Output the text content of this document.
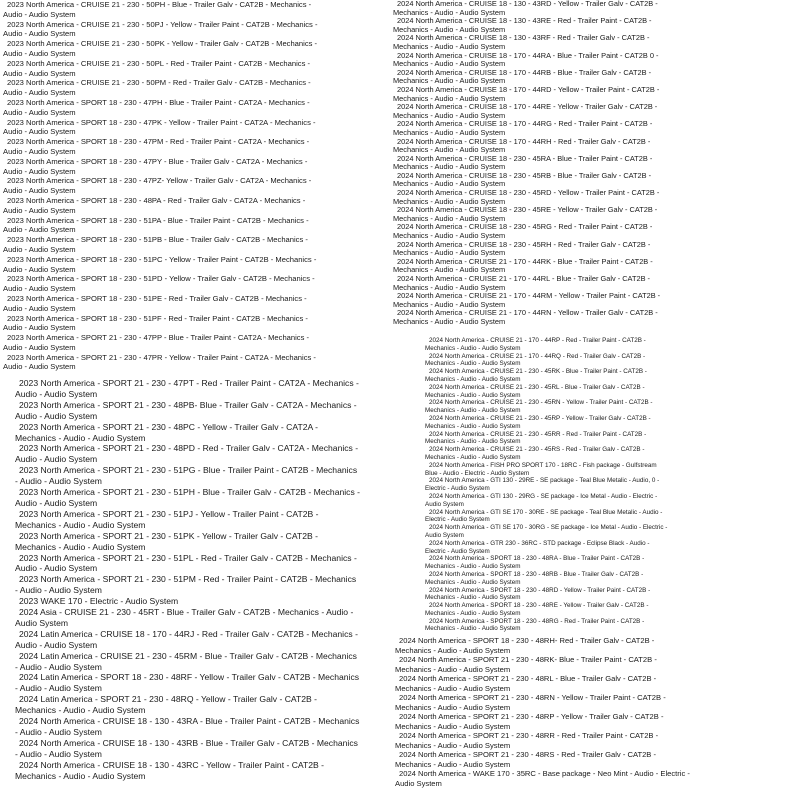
2023 North America - CRUISE 21 - 230 - 50PH - Blue - Trailer Galv - CAT2B - Mechanics - Audio - Audio System
2023 North America - CRUISE 21 - 230 - 50PJ - Yellow - Trailer Paint - CAT2B - Mechanics - Audio - Audio System
2023 North America - CRUISE 21 - 230 - 50PK - Yellow - Trailer Galv - CAT2B - Mechanics - Audio - Audio System
2023 North America - CRUISE 21 - 230 - 50PL - Red - Trailer Paint - CAT2B - Mechanics - Audio - Audio System
2023 North America - CRUISE 21 - 230 - 50PM - Red - Trailer Galv - CAT2B - Mechanics - Audio - Audio System
2023 North America - SPORT 18 - 230 - 47PH - Blue - Trailer Paint - CAT2A - Mechanics - Audio - Audio System
2023 North America - SPORT 18 - 230 - 47PK - Yellow - Trailer Paint - CAT2A - Mechanics - Audio - Audio System
2023 North America - SPORT 18 - 230 - 47PM - Red - Trailer Paint - CAT2A - Mechanics - Audio - Audio System
2023 North America - SPORT 18 - 230 - 47PY - Blue - Trailer Galv - CAT2A - Mechanics - Audio - Audio System
2023 North America - SPORT 18 - 230 - 47PZ- Yellow - Trailer Galv - CAT2A - Mechanics - Audio - Audio System
2023 North America - SPORT 18 - 230 - 48PA - Red - Trailer Galv - CAT2A - Mechanics - Audio - Audio System
2023 North America - SPORT 18 - 230 - 51PA - Blue - Trailer Paint - CAT2B - Mechanics - Audio - Audio System
2023 North America - SPORT 18 - 230 - 51PB - Blue - Trailer Galv - CAT2B - Mechanics - Audio - Audio System
2023 North America - SPORT 18 - 230 - 51PC - Yellow - Trailer Paint - CAT2B - Mechanics - Audio - Audio System
2023 North America - SPORT 18 - 230 - 51PD - Yellow - Trailer Galv - CAT2B - Mechanics - Audio - Audio System
2023 North America - SPORT 18 - 230 - 51PE - Red - Trailer Galv - CAT2B - Mechanics - Audio - Audio System
2023 North America - SPORT 18 - 230 - 51PF - Red - Trailer Paint - CAT2B - Mechanics - Audio - Audio System
2023 North America - SPORT 21 - 230 - 47PP - Blue - Trailer Paint - CAT2A - Mechanics - Audio - Audio System
2023 North America - SPORT 21 - 230 - 47PR - Yellow - Trailer Paint - CAT2A - Mechanics - Audio - Audio System
2023 North America - SPORT 21 - 230 - 47PT - Red - Trailer Paint - CAT2A - Mechanics - Audio - Audio System
2023 North America - SPORT 21 - 230 - 48PB- Blue - Trailer Galv - CAT2A - Mechanics - Audio - Audio System
2023 North America - SPORT 21 - 230 - 48PC - Yellow - Trailer Galv - CAT2A - Mechanics - Audio - Audio System
2023 North America - SPORT 21 - 230 - 48PD - Red - Trailer Galv - CAT2A - Mechanics - Audio - Audio System
2023 North America - SPORT 21 - 230 - 51PG - Blue - Trailer Paint - CAT2B - Mechanics - Audio - Audio System
2023 North America - SPORT 21 - 230 - 51PH - Blue - Trailer Galv - CAT2B - Mechanics - Audio - Audio System
2023 North America - SPORT 21 - 230 - 51PJ - Yellow - Trailer Paint - CAT2B - Mechanics - Audio - Audio System
2023 North America - SPORT 21 - 230 - 51PK - Yellow - Trailer Galv - CAT2B - Mechanics - Audio - Audio System
2023 North America - SPORT 21 - 230 - 51PL - Red - Trailer Galv - CAT2B - Mechanics - Audio - Audio System
2023 North America - SPORT 21 - 230 - 51PM - Red - Trailer Paint - CAT2B - Mechanics - Audio - Audio System
2023 WAKE 170 - Electric - Audio System
2024 Asia - CRUISE 21 - 230 - 45RT - Blue - Trailer Galv - CAT2B - Mechanics - Audio - Audio System
2024 Latin America - CRUISE 18 - 170 - 44RJ - Red - Trailer Galv - CAT2B - Mechanics - Audio - Audio System
2024 Latin America - CRUISE 21 - 230 - 45RM - Blue - Trailer Galv - CAT2B - Mechanics - Audio - Audio System
2024 Latin America - SPORT 18 - 230 - 48RF - Yellow - Trailer Galv - CAT2B - Mechanics - Audio - Audio System
2024 Latin America - SPORT 21 - 230 - 48RQ - Yellow - Trailer Galv - CAT2B - Mechanics - Audio - Audio System
2024 North America - CRUISE 18 - 130 - 43RA - Blue - Trailer Paint - CAT2B - Mechanics - Audio - Audio System
2024 North America - CRUISE 18 - 130 - 43RB - Blue - Trailer Galv - CAT2B - Mechanics - Audio - Audio System
2024 North America - CRUISE 18 - 130 - 43RC - Yellow - Trailer Paint - CAT2B - Mechanics - Audio - Audio System
2024 North America - CRUISE 18 - 130 - 43RD - Yellow - Trailer Galv - CAT2B - Mechanics - Audio - Audio System
2024 North America - CRUISE 18 - 130 - 43RE - Red - Trailer Paint - CAT2B - Mechanics - Audio - Audio System
2024 North America - CRUISE 18 - 130 - 43RF - Red - Trailer Galv - CAT2B - Mechanics - Audio - Audio System
2024 North America - CRUISE 18 - 170 - 44RA - Blue - Trailer Paint - CAT2B 0 - Mechanics - Audio - Audio System
2024 North America - CRUISE 18 - 170 - 44RB - Blue - Trailer Galv - CAT2B - Mechanics - Audio - Audio System
2024 North America - CRUISE 18 - 170 - 44RD - Yellow - Trailer Paint - CAT2B - Mechanics - Audio - Audio System
2024 North America - CRUISE 18 - 170 - 44RE - Yellow - Trailer Galv - CAT2B - Mechanics - Audio - Audio System
2024 North America - CRUISE 18 - 170 - 44RG - Red - Trailer Paint - CAT2B - Mechanics - Audio - Audio System
2024 North America - CRUISE 18 - 170 - 44RH - Red - Trailer Galv - CAT2B - Mechanics - Audio - Audio System
2024 North America - CRUISE 18 - 230 - 45RA - Blue - Trailer Paint - CAT2B - Mechanics - Audio - Audio System
2024 North America - CRUISE 18 - 230 - 45RB - Blue - Trailer Galv - CAT2B - Mechanics - Audio - Audio System
2024 North America - CRUISE 18 - 230 - 45RD - Yellow - Trailer Paint - CAT2B - Mechanics - Audio - Audio System
2024 North America - CRUISE 18 - 230 - 45RE - Yellow - Trailer Galv - CAT2B - Mechanics - Audio - Audio System
2024 North America - CRUISE 18 - 230 - 45RG - Red - Trailer Paint - CAT2B - Mechanics - Audio - Audio System
2024 North America - CRUISE 18 - 230 - 45RH - Red - Trailer Galv - CAT2B - Mechanics - Audio - Audio System
2024 North America - CRUISE 21 - 170 - 44RK - Blue - Trailer Paint - CAT2B - Mechanics - Audio - Audio System
2024 North America - CRUISE 21 - 170 - 44RL - Blue - Trailer Galv - CAT2B - Mechanics - Audio - Audio System
2024 North America - CRUISE 21 - 170 - 44RM - Yellow - Trailer Paint - CAT2B - Mechanics - Audio - Audio System
2024 North America - CRUISE 21 - 170 - 44RN - Yellow - Trailer Galv - CAT2B - Mechanics - Audio - Audio System
2024 North America - CRUISE 21 - 170 - 44RP - Red - Trailer Paint - CAT2B - Mechanics - Audio - Audio System
2024 North America - CRUISE 21 - 170 - 44RQ - Red - Trailer Galv - CAT2B - Mechanics - Audio - Audio System
2024 North America - CRUISE 21 - 230 - 45RK - Blue - Trailer Paint - CAT2B - Mechanics - Audio - Audio System
2024 North America - CRUISE 21 - 230 - 45RL - Blue - Trailer Galv - CAT2B - Mechanics - Audio - Audio System
2024 North America - CRUISE 21 - 230 - 45RN - Yellow - Trailer Paint - CAT2B - Mechanics - Audio - Audio System
2024 North America - CRUISE 21 - 230 - 45RP - Yellow - Trailer Galv - CAT2B - Mechanics - Audio - Audio System
2024 North America - CRUISE 21 - 230 - 45RR - Red - Trailer Paint - CAT2B - Mechanics - Audio - Audio System
2024 North America - CRUISE 21 - 230 - 45RS - Red - Trailer Galv - CAT2B - Mechanics - Audio - Audio System
2024 North America - FISH PRO SPORT 170 - 18RC - Fish package - Gulfstream Blue - Audio - Electric - Audio System
2024 North America - GTI 130 - 29RE - SE package - Teal Blue Metalic - Audio, 0 - Electric - Audio System
2024 North America - GTI 130 - 29RG - SE package - Ice Metal - Audio - Electric - Audio System
2024 North America - GTI SE 170 - 30RE - SE package - Teal Blue Metalic - Audio - Electric - Audio System
2024 North America - GTI SE 170 - 30RG - SE package - Ice Metal - Audio - Electric - Audio System
2024 North America - GTR 230 - 36RC - STD package - Eclipse Black - Audio - Electric - Audio System
2024 North America - SPORT 18 - 230 - 48RA - Blue - Trailer Paint - CAT2B - Mechanics - Audio - Audio System
2024 North America - SPORT 18 - 230 - 48RB - Blue - Trailer Galv - CAT2B - Mechanics - Audio - Audio System
2024 North America - SPORT 18 - 230 - 48RD - Yellow - Trailer Paint - CAT2B - Mechanics - Audio - Audio System
2024 North America - SPORT 18 - 230 - 48RE - Yellow - Trailer Galv - CAT2B - Mechanics - Audio - Audio System
2024 North America - SPORT 18 - 230 - 48RG - Red - Trailer Paint - CAT2B - Mechanics - Audio - Audio System
2024 North America - SPORT 18 - 230 - 48RH- Red - Trailer Galv - CAT2B - Mechanics - Audio - Audio System
2024 North America - SPORT 21 - 230 - 48RK- Blue - Trailer Paint - CAT2B - Mechanics - Audio - Audio System
2024 North America - SPORT 21 - 230 - 48RL - Blue - Trailer Galv - CAT2B - Mechanics - Audio - Audio System
2024 North America - SPORT 21 - 230 - 48RN - Yellow - Trailer Paint - CAT2B - Mechanics - Audio - Audio System
2024 North America - SPORT 21 - 230 - 48RP - Yellow - Trailer Galv - CAT2B - Mechanics - Audio - Audio System
2024 North America - SPORT 21 - 230 - 48RR - Red - Trailer Paint - CAT2B - Mechanics - Audio - Audio System
2024 North America - SPORT 21 - 230 - 48RS - Red - Trailer Galv - CAT2B - Mechanics - Audio - Audio System
2024 North America - WAKE 170 - 35RC - Base package - Neo Mint - Audio - Electric - Audio System
